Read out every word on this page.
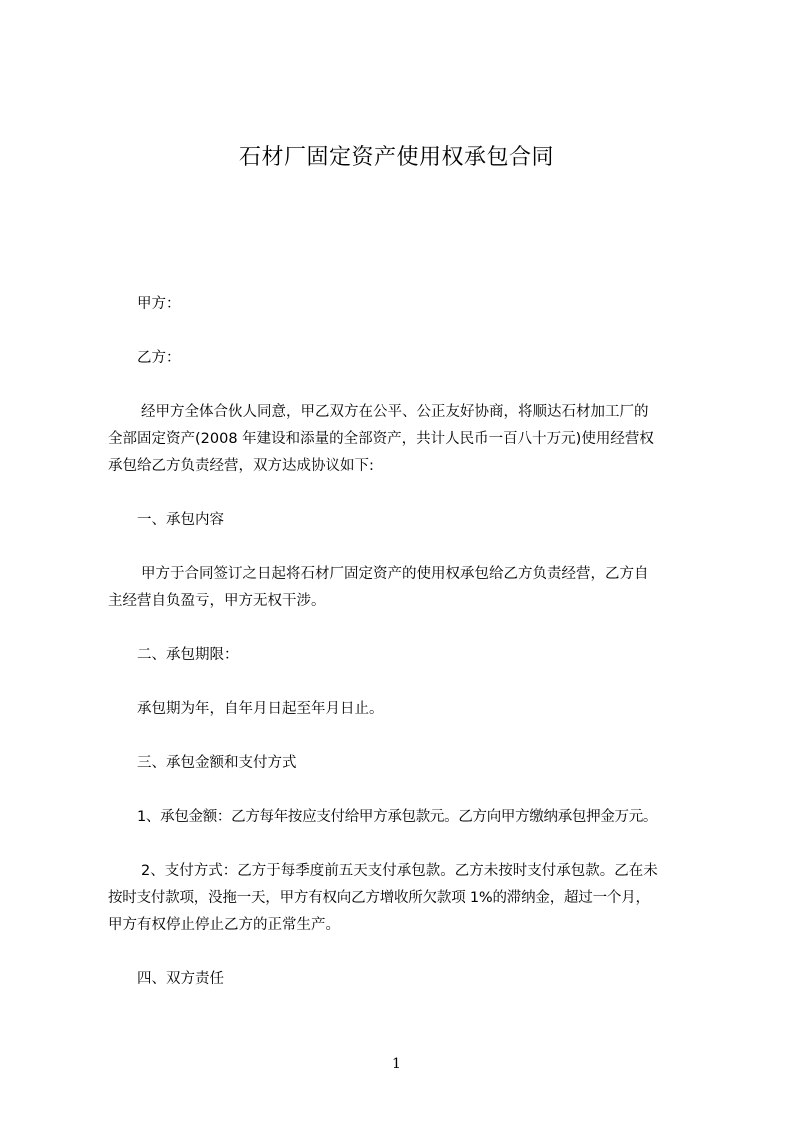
石材厂固定资产使用权承包合同
甲方：
乙方：
经甲方全体合伙人同意，甲乙双方在公平、公正友好协商，将顺达石材加工厂的
全部固定资产(2008 年建设和添量的全部资产，共计人民币一百八十万元)使用经营权
承包给乙方负责经营，双方达成协议如下:
一、承包内容
甲方于合同签订之日起将石材厂固定资产的使用权承包给乙方负责经营，乙方自
主经营自负盈亏，甲方无权干涉。
二、承包期限：
承包期为年，自年月日起至年月日止。
三、承包金额和支付方式
1、承包金额：乙方每年按应支付给甲方承包款元。乙方向甲方缴纳承包押金万元。
2、支付方式：乙方于每季度前五天支付承包款。乙方未按时支付承包款。乙在未
按时支付款项，没拖一天，甲方有权向乙方增收所欠款项 1%的滞纳金，超过一个月，
甲方有权停止停止乙方的正常生产。
四、双方责任
1
